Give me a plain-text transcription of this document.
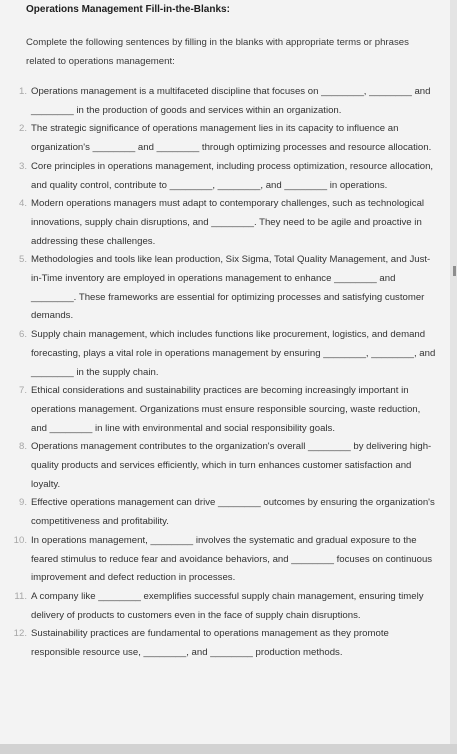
Operations Management Fill-in-the-Blanks:
Complete the following sentences by filling in the blanks with appropriate terms or phrases related to operations management:
1. Operations management is a multifaceted discipline that focuses on ________, ________ and ________ in the production of goods and services within an organization.
2. The strategic significance of operations management lies in its capacity to influence an organization's ________ and ________ through optimizing processes and resource allocation.
3. Core principles in operations management, including process optimization, resource allocation, and quality control, contribute to ________, ________, and ________ in operations.
4. Modern operations managers must adapt to contemporary challenges, such as technological innovations, supply chain disruptions, and ________. They need to be agile and proactive in addressing these challenges.
5. Methodologies and tools like lean production, Six Sigma, Total Quality Management, and Just-in-Time inventory are employed in operations management to enhance ________ and ________. These frameworks are essential for optimizing processes and satisfying customer demands.
6. Supply chain management, which includes functions like procurement, logistics, and demand forecasting, plays a vital role in operations management by ensuring ________, ________, and ________ in the supply chain.
7. Ethical considerations and sustainability practices are becoming increasingly important in operations management. Organizations must ensure responsible sourcing, waste reduction, and ________ in line with environmental and social responsibility goals.
8. Operations management contributes to the organization's overall ________ by delivering high-quality products and services efficiently, which in turn enhances customer satisfaction and loyalty.
9. Effective operations management can drive ________ outcomes by ensuring the organization's competitiveness and profitability.
10. In operations management, ________ involves the systematic and gradual exposure to the feared stimulus to reduce fear and avoidance behaviors, and ________ focuses on continuous improvement and defect reduction in processes.
11. A company like ________ exemplifies successful supply chain management, ensuring timely delivery of products to customers even in the face of supply chain disruptions.
12. Sustainability practices are fundamental to operations management as they promote responsible resource use, ________, and ________ production methods.
